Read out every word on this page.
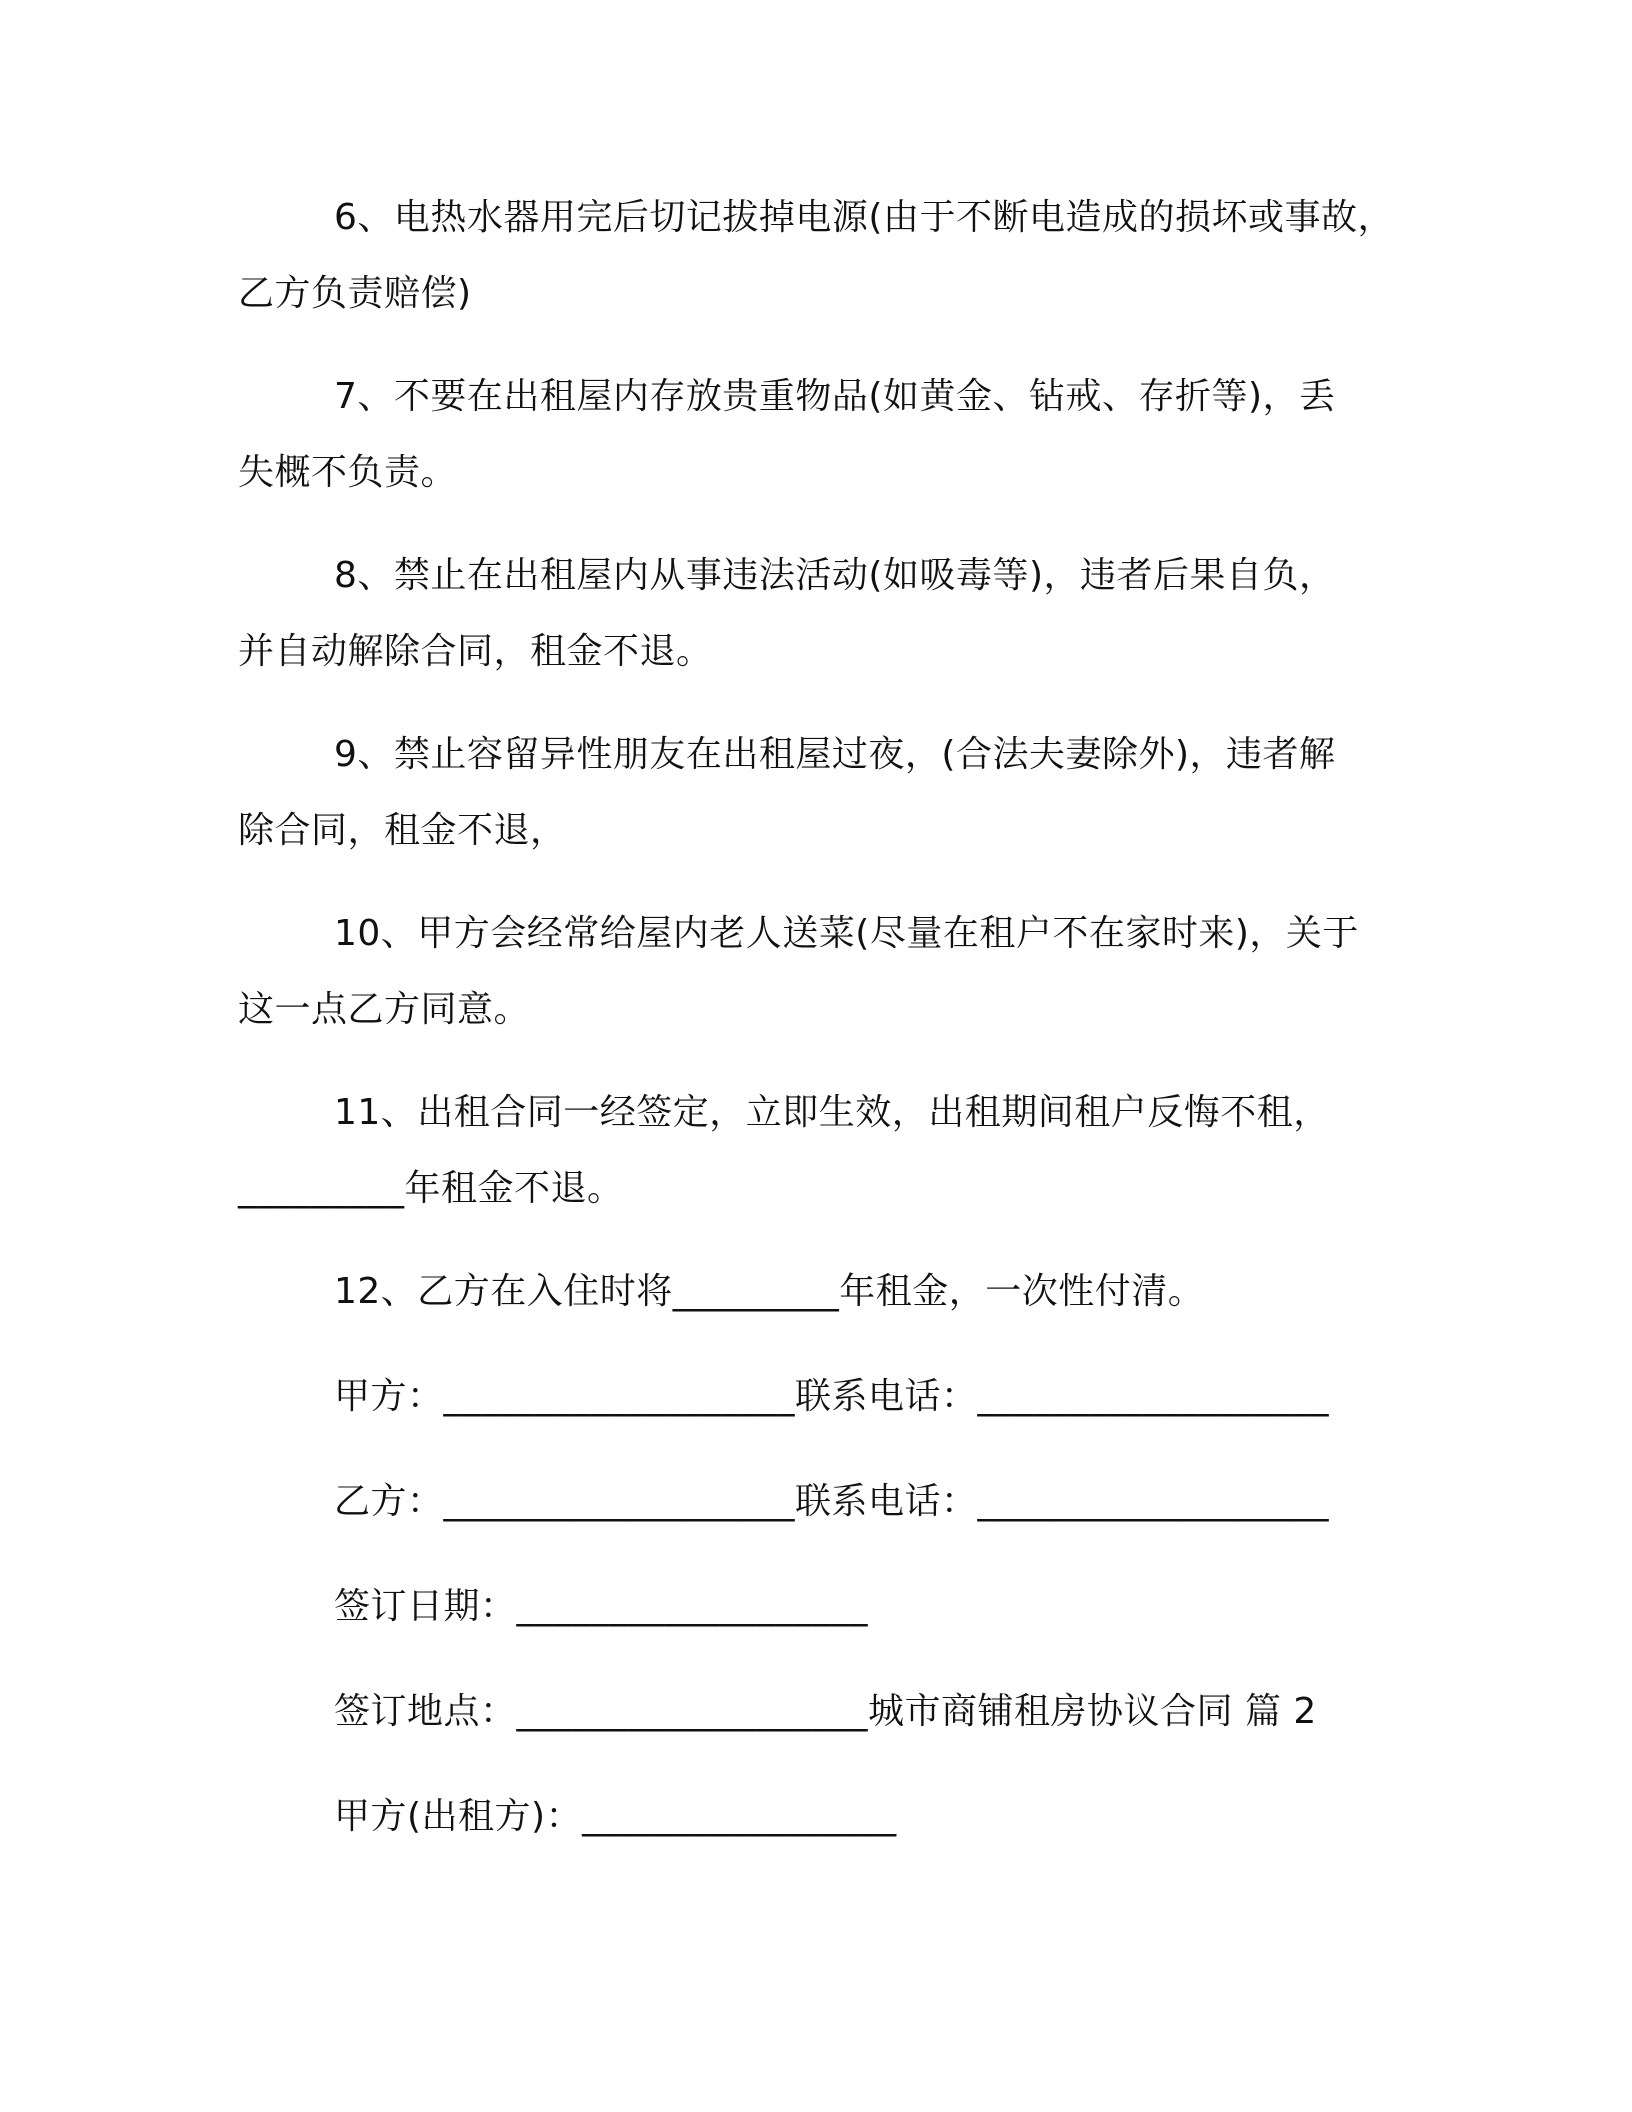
6、电热水器用完后切记拔掉电源(由于不断电造成的损坏或事故，
乙方负责赔偿)
7、不要在出租屋内存放贵重物品(如黄金、钻戒、存折等)，丢
失概不负责。
8、禁止在出租屋内从事违法活动(如吸毒等)，违者后果自负，
并自动解除合同，租金不退。
9、禁止容留异性朋友在出租屋过夜，(合法夫妻除外)，违者解
除合同，租金不退，
10、甲方会经常给屋内老人送菜(尽量在租户不在家时来)，关于
这一点乙方同意。
11、出租合同一经签定，立即生效，出租期间租户反悔不租，
_________年租金不退。
12、乙方在入住时将_________年租金，一次性付清。
甲方：___________________联系电话：___________________
乙方：___________________联系电话：___________________
签订日期：___________________
签订地点：___________________城市商铺租房协议合同 篇 2
甲方(出租方)：_________________
